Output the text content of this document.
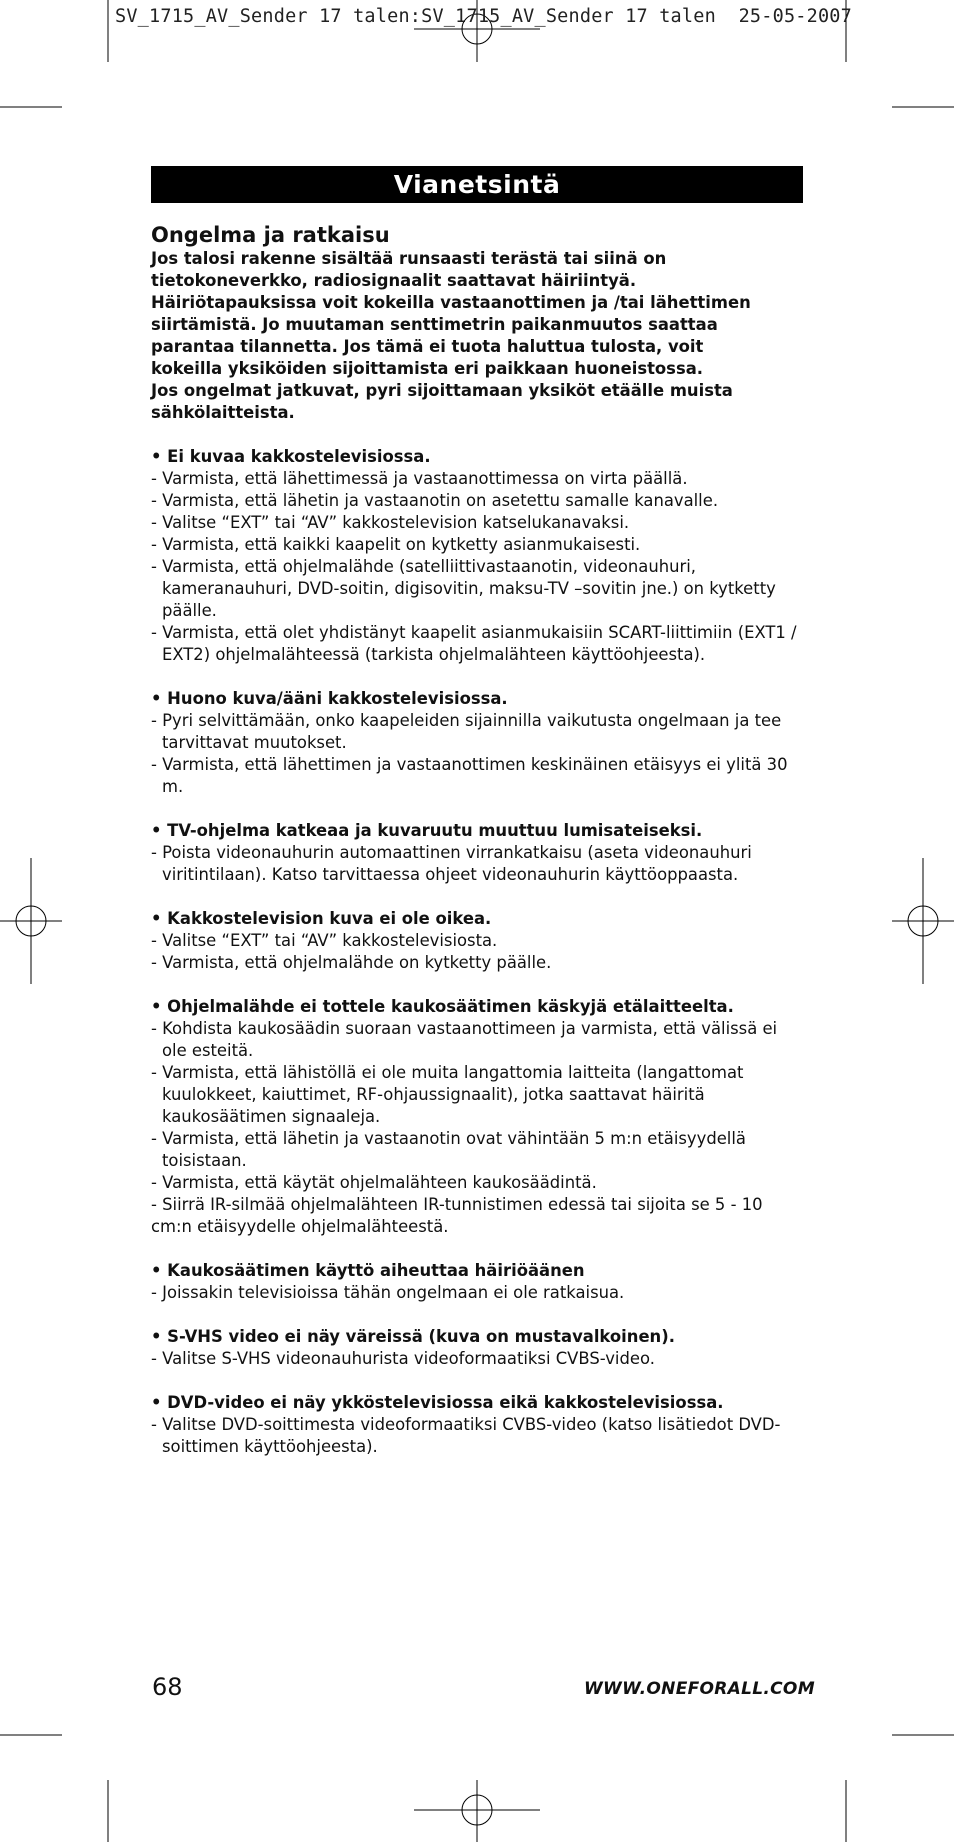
SV_1715_AV_Sender 17 talen:SV_1715_AV_Sender 17 talen  25-05-2007
Vianetsintä
Ongelma ja ratkaisu
Jos talosi rakenne sisältää runsaasti terästä tai siinä on
tietokoneverkko, radiosignaalit saattavat häiriintyä.
Häiriötapauksissa voit kokeilla vastaanottimen ja /tai lähettimen
siirtämistä. Jo muutaman senttimetrin paikanmuutos saattaa
parantaa tilannetta. Jos tämä ei tuota haluttua tulosta, voit
kokeilla yksiköiden sijoittamista eri paikkaan huoneistossa.
Jos ongelmat jatkuvat, pyri sijoittamaan yksiköt etäälle muista
sähkölaitteista.
• Ei kuvaa kakkostelevisiossa.
- Varmista, että lähettimessä ja vastaanottimessa on virta päällä.
- Varmista, että lähetin ja vastaanotin on asetettu samalle kanavalle.
- Valitse “EXT” tai “AV” kakkostelevision katselukanavaksi.
- Varmista, että kaikki kaapelit on kytketty asianmukaisesti.
- Varmista, että ohjelmalähde (satelliittivastaanotin, videonauhuri, kameranauhuri, DVD-soitin, digisovitin, maksu-TV –sovitin jne.) on kytketty päälle.
- Varmista, että olet yhdistänyt kaapelit asianmukaisiin SCART-liittimiin (EXT1 / EXT2) ohjelmalähteessä (tarkista ohjelmalähteen käyttöohjeesta).
• Huono kuva/ääni kakkostelevisiossa.
- Pyri selvittämään, onko kaapeleiden sijainnilla vaikutusta ongelmaan ja tee tarvittavat muutokset.
- Varmista, että lähettimen ja vastaanottimen keskinäinen etäisyys ei ylitä 30 m.
• TV-ohjelma katkeaa ja kuvaruutu muuttuu lumisateiseksi.
- Poista videonauhurin automaattinen virrankatkaisu (aseta videonauhuri viritintilaan). Katso tarvittaessa ohjeet videonauhurin käyttöoppaasta.
• Kakkostelevision kuva ei ole oikea.
- Valitse “EXT” tai “AV” kakkostelevisiosta.
- Varmista, että ohjelmalähde on kytketty päälle.
• Ohjelmalähde ei tottele kaukosäätimen käskyjä etälaitteelta.
- Kohdista kaukosäädin suoraan vastaanottimeen ja varmista, että välissä ei ole esteitä.
- Varmista, että lähistöllä ei ole muita langattomia laitteita (langattomat kuulokkeet, kaiuttimet, RF-ohjaussignaalit), jotka saattavat häiritä kaukosäätimen signaaleja.
- Varmista, että lähetin ja vastaanotin ovat vähintään 5 m:n etäisyydellä toisistaan.
- Varmista, että käytät ohjelmalähteen kaukosäädintä.
- Siirrä IR-silmää ohjelmalähteen IR-tunnistimen edessä tai sijoita se 5 - 10 cm:n etäisyydelle ohjelmalähteestä.
• Kaukosäätimen käyttö aiheuttaa häiriöäänen
- Joissakin televisioissa tähän ongelmaan ei ole ratkaisua.
• S-VHS video ei näy väreissä (kuva on mustavalkoinen).
- Valitse S-VHS videonauhurista videoformaatiksi CVBS-video.
• DVD-video ei näy ykköstelevisiossa eikä kakkostelevisiossa.
- Valitse DVD-soittimesta videoformaatiksi CVBS-video (katso lisätiedot DVD-soittimen käyttöohjeesta).
68	WWW.ONEFORALL.COM
